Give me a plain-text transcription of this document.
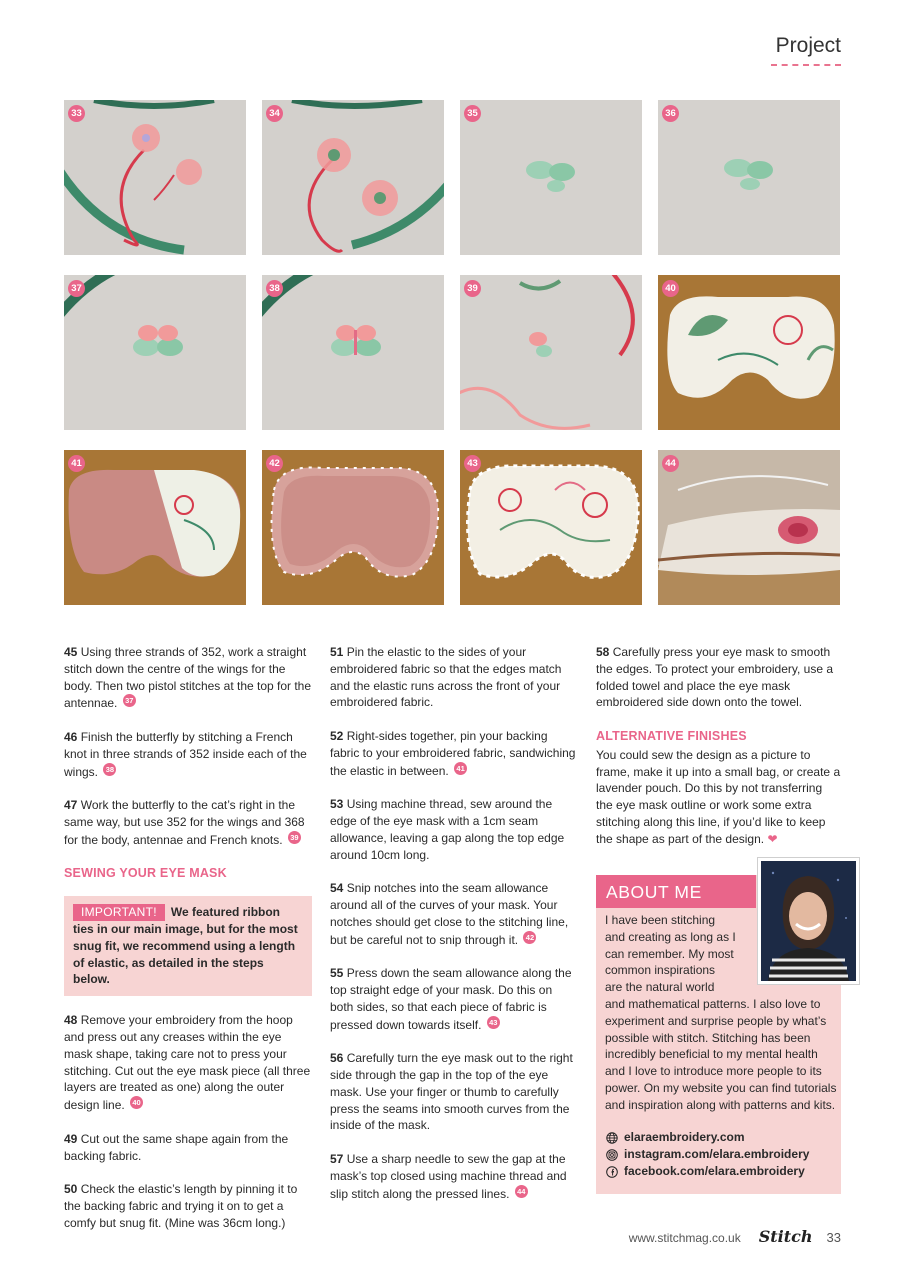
Project
33	34	35	36
37	38	39	40
41	42	43	44

45 Using three strands of 352, work a straight stitch down the centre of the wings for the body. Then two pistol stitches at the top for the antennae. 37

46 Finish the butterfly by stitching a French knot in three strands of 352 inside each of the wings. 38

47 Work the butterfly to the cat’s right in the same way, but use 352 for the wings and 368 for the body, antennae and French knots. 39

SEWING YOUR EYE MASK
IMPORTANT! We featured ribbon ties in our main image, but for the most snug fit, we recommend using a length of elastic, as detailed in the steps below.

48 Remove your embroidery from the hoop and press out any creases within the eye mask shape, taking care not to press your stitching. Cut out the eye mask piece (all three layers are treated as one) along the outer design line. 40

49 Cut out the same shape again from the backing fabric.

50 Check the elastic’s length by pinning it to the backing fabric and trying it on to get a comfy but snug fit. (Mine was 36cm long.)

51 Pin the elastic to the sides of your embroidered fabric so that the edges match and the elastic runs across the front of your embroidered fabric.

52 Right-sides together, pin your backing fabric to your embroidered fabric, sandwiching the elastic in between. 41

53 Using machine thread, sew around the edge of the eye mask with a 1cm seam allowance, leaving a gap along the top edge around 10cm long.

54 Snip notches into the seam allowance around all of the curves of your mask. Your notches should get close to the stitching line, but be careful not to snip through it. 42

55 Press down the seam allowance along the top straight edge of your mask. Do this on both sides, so that each piece of fabric is pressed down towards itself. 43

56 Carefully turn the eye mask out to the right side through the gap in the top of the eye mask. Use your finger or thumb to carefully press the seams into smooth curves from the inside of the mask.

57 Use a sharp needle to sew the gap at the mask’s top closed using machine thread and slip stitch along the pressed lines. 44

58 Carefully press your eye mask to smooth the edges. To protect your embroidery, use a folded towel and place the eye mask embroidered side down onto the towel.

ALTERNATIVE FINISHES

You could sew the design as a picture to frame, make it up into a small bag, or create a lavender pouch. Do this by not transferring the eye mask outline or work some extra stitching along this line, if you’d like to keep the shape as part of the design. ❤

ABOUT ME
I have been stitching
and creating as long as I
can remember. My most
common inspirations
are the natural world
and mathematical patterns. I also love to
experiment and surprise people by what’s
possible with stitch. Stitching has been
incredibly beneficial to my mental health
and I love to introduce more people to its
power. On my website you can find tutorials
and inspiration along with patterns and kits.
elaraembroidery.com
instagram.com/elara.embroidery
facebook.com/elara.embroidery
www.stitchmag.co.uk Stitch 33
